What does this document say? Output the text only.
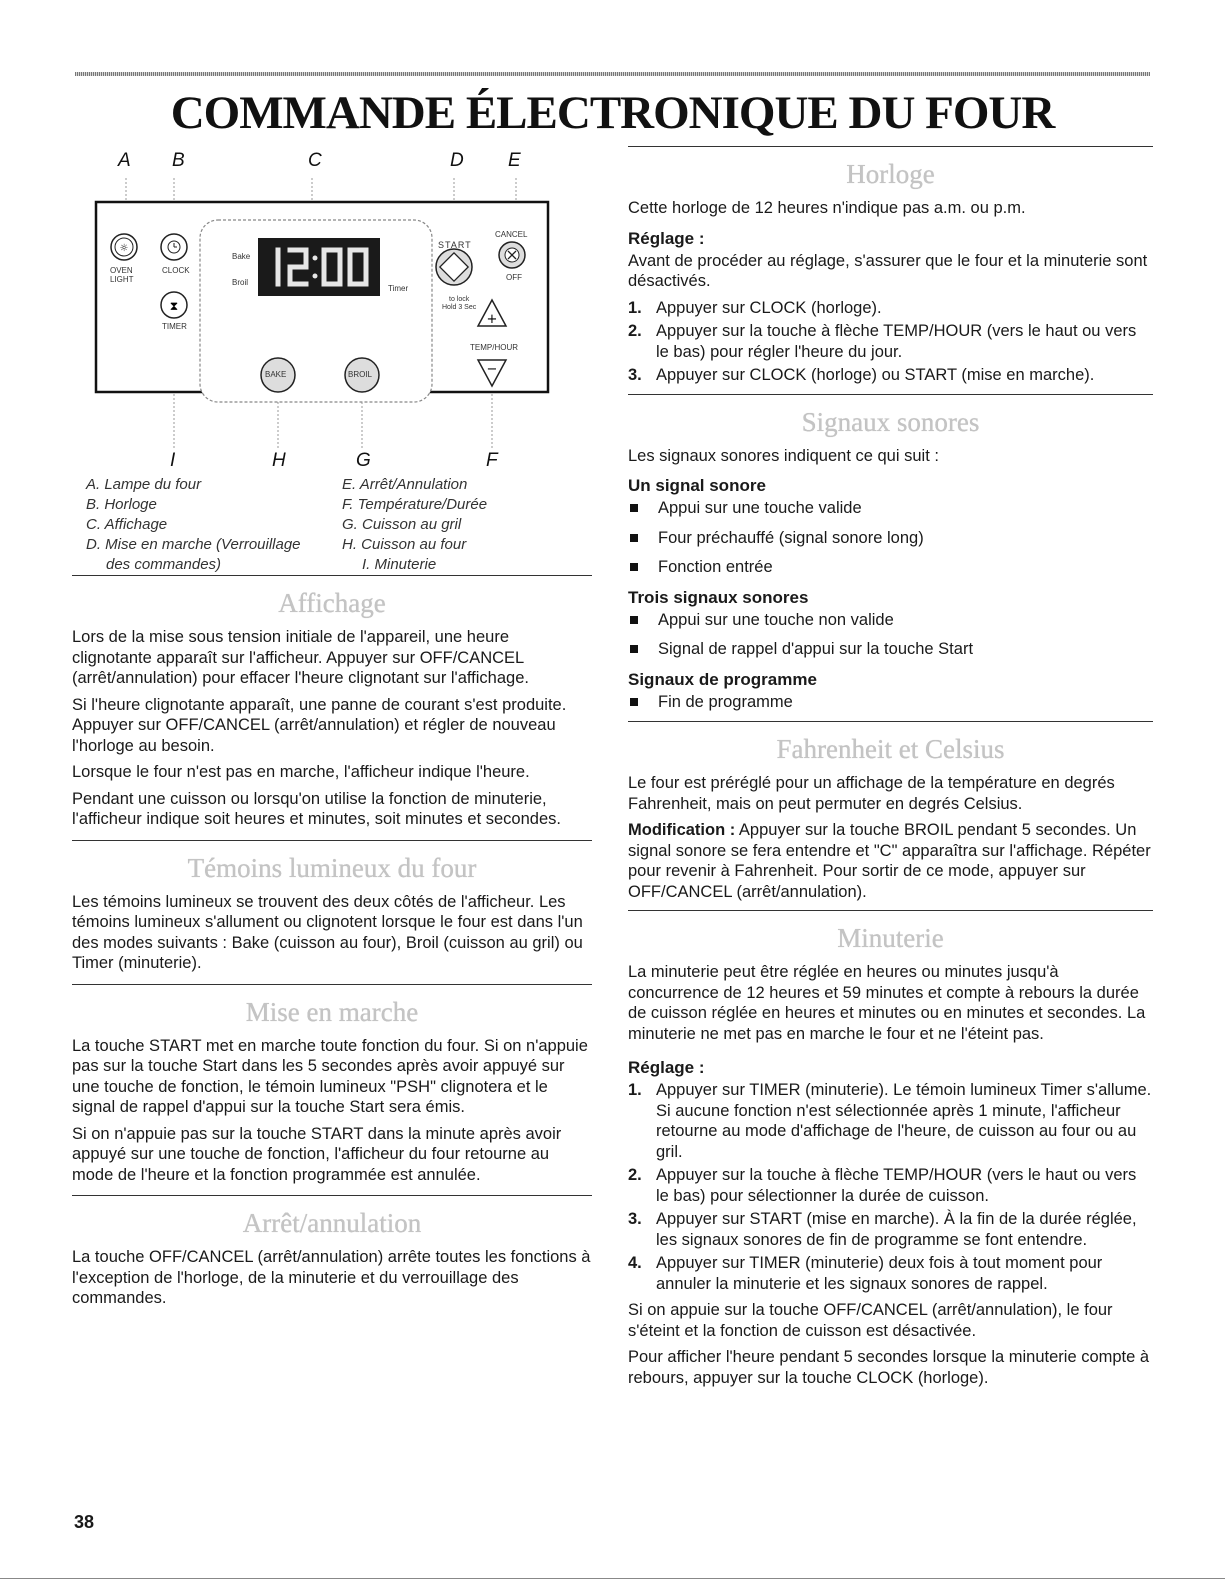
COMMANDE ÉLECTRONIQUE DU FOUR
A B	C	D E
☼
⧗
+
−
OVEN
LIGHT
CLOCK
TIMER
Bake
Broil
Timer
START
CANCEL
OFF
to lock
Hold 3 Sec
TEMP/HOUR
BAKE	BROIL
I	H	G	F
A. Lampe du four
B. Horloge
C. Affichage
D. Mise en marche (Verrouillage
des commandes)
E. Arrêt/Annulation
F. Température/Durée
G. Cuisson au gril
H. Cuisson au four
I. Minuterie
Affichage

Lors de la mise sous tension initiale de l'appareil, une heure clignotante apparaît sur l'afficheur. Appuyer sur OFF/CANCEL (arrêt/annulation) pour effacer l'heure clignotant sur l'affichage.

Si l'heure clignotante apparaît, une panne de courant s'est produite. Appuyer sur OFF/CANCEL (arrêt/annulation) et régler de nouveau l'horloge au besoin.

Lorsque le four n'est pas en marche, l'afficheur indique l'heure.

Pendant une cuisson ou lorsqu'on utilise la fonction de minuterie, l'afficheur indique soit heures et minutes, soit minutes et secondes.

Témoins lumineux du four

Les témoins lumineux se trouvent des deux côtés de l'afficheur. Les témoins lumineux s'allument ou clignotent lorsque le four est dans l'un des modes suivants : Bake (cuisson au four), Broil (cuisson au gril) ou Timer (minuterie).

Mise en marche

La touche START met en marche toute fonction du four. Si on n'appuie pas sur la touche Start dans les 5 secondes après avoir appuyé sur une touche de fonction, le témoin lumineux "PSH" clignotera et le signal de rappel d'appui sur la touche Start sera émis.

Si on n'appuie pas sur la touche START dans la minute après avoir appuyé sur une touche de fonction, l'afficheur du four retourne au mode de l'heure et la fonction programmée est annulée.

Arrêt/annulation

La touche OFF/CANCEL (arrêt/annulation) arrête toutes les fonctions à l'exception de l'horloge, de la minuterie et du verrouillage des commandes.

Horloge

Cette horloge de 12 heures n'indique pas a.m. ou p.m.

Réglage :

Avant de procéder au réglage, s'assurer que le four et la minuterie sont désactivés.

1. Appuyer sur CLOCK (horloge).
2. Appuyer sur la touche à flèche TEMP/HOUR (vers le haut ou vers le bas) pour régler l'heure du jour.
3. Appuyer sur CLOCK (horloge) ou START (mise en marche).
Signaux sonores

Les signaux sonores indiquent ce qui suit :

Un signal sonore
Appui sur une touche valide
Four préchauffé (signal sonore long)
Fonction entrée
Trois signaux sonores
Appui sur une touche non valide
Signal de rappel d'appui sur la touche Start
Signaux de programme
Fin de programme
Fahrenheit et Celsius

Le four est préréglé pour un affichage de la température en degrés Fahrenheit, mais on peut permuter en degrés Celsius.

Modification : Appuyer sur la touche BROIL pendant 5 secondes. Un signal sonore se fera entendre et "C" apparaîtra sur l'affichage. Répéter pour revenir à Fahrenheit. Pour sortir de ce mode, appuyer sur OFF/CANCEL (arrêt/annulation).

Minuterie

La minuterie peut être réglée en heures ou minutes jusqu'à concurrence de 12 heures et 59 minutes et compte à rebours la durée de cuisson réglée en heures et minutes ou en minutes et secondes. La minuterie ne met pas en marche le four et ne l'éteint pas.

Réglage :
1. Appuyer sur TIMER (minuterie). Le témoin lumineux Timer s'allume. Si aucune fonction n'est sélectionnée après 1 minute, l'afficheur retourne au mode d'affichage de l'heure, de cuisson au four ou au gril.
2. Appuyer sur la touche à flèche TEMP/HOUR (vers le haut ou vers le bas) pour sélectionner la durée de cuisson.
3. Appuyer sur START (mise en marche). À la fin de la durée réglée, les signaux sonores de fin de programme se font entendre.
4. Appuyer sur TIMER (minuterie) deux fois à tout moment pour annuler la minuterie et les signaux sonores de rappel.

Si on appuie sur la touche OFF/CANCEL (arrêt/annulation), le four s'éteint et la fonction de cuisson est désactivée.

Pour afficher l'heure pendant 5 secondes lorsque la minuterie compte à rebours, appuyer sur la touche CLOCK (horloge).

38
